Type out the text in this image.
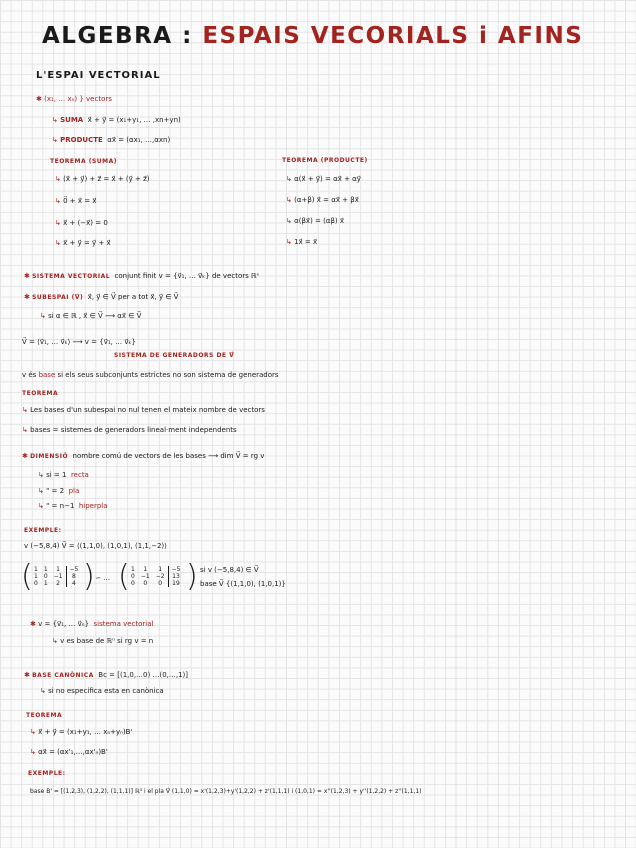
ALGEBRA : ESPAIS VECORIALS i AFINS
L'ESPAI VECTORIAL
✱ (x₁, … xₙ) } vectors
↳ SUMA x⃗ + y⃗ = (x₁+y₁, … ,xn+yn)
↳ PRODUCTE αx⃗ = (αx₁, …,αxn)
TEOREMA (SUMA)	TEOREMA (PRODUCTE)
↳ (x⃗ + y⃗) + z⃗ = x⃗ + (y⃗ + z⃗)
↳ 0⃗ + x⃗ = x⃗
↳ x⃗ + (−x⃗) = 0
↳ x⃗ + y⃗ = y⃗ + x⃗
↳ α(x⃗ + y⃗) = αx⃗ + αy⃗
↳ (α+β) x⃗ = αx⃗ + βx⃗
↳ α(βx⃗) = (αβ) x⃗
↳ 1x⃗ = x⃗
✱ SISTEMA VECTORIAL conjunt finit v = {v⃗₁, … v⃗ₖ} de vectors ℝⁿ
✱ SUBESPAI (V⃗) x⃗, y⃗ ∈ V⃗ per a tot x⃗, y⃗ ∈ V⃗
↳ si α ∈ ℝ , x⃗ ∈ V⃗ ⟶ αx⃗ ∈ V⃗
V⃗ = ⟨v⃗₁, … v⃗ₖ⟩ ⟶ v = {v⃗₁, … v⃗ₖ}
SISTEMA DE GENERADORS DE V⃗
v és base si els seus subconjunts estrictes no son sistema de generadors
TEOREMA
↳ Les bases d'un subespai no nul tenen el mateix nombre de vectors
↳ bases = sistemes de generadors lineal·ment independents
✱ DIMENSIÓ nombre comú de vectors de les bases ⟶ dim V⃗ = rg v
↳ si = 1 recta
↳ " = 2 pla
↳ " = n−1 hiperpla
EXEMPLE:
v (−5,8,4) V⃗ = ⟨(1,1,0), (1,0,1), (1,1,−2)⟩
( 1	1	1	−5
1	0	−1	8
0	1	2	4 ) ∽ … ( 1	1	1	−5
0	−1	−2	13
0	0	0	19 ) si v (−5,8,4) ∈ V⃗
base V⃗ {(1,1,0), (1,0,1)}
✱ v = {v⃗₁, … v⃗ₙ} sistema vectorial
↳ v es base de ℝⁿ si rg v = n
✱ BASE CANÒNICA Bc = [(1,0,…0) …(0,…,1)]
↳ si no especifica esta en canònica
TEOREMA
↳ x⃗ + y⃗ = (x₁+y₁, … xₙ+yₙ)B'
↳ αx⃗ = (αx'₁,…,αx'ₙ)B'
EXEMPLE:
base B' = [(1,2,3), (1,2,2), (1,1,1)] ℝ³ i el pla V⃗ (1,1,0) = x'(1,2,3)+y'(1,2,2) + z'(1,1,1) i (1,0,1) = x''(1,2,3) + y''(1,2,2) + z''(1,1,1)
